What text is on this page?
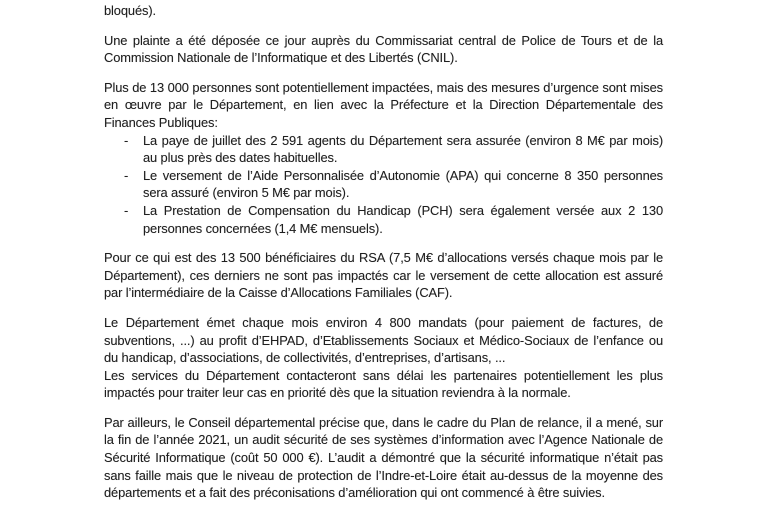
bloqués).

Une plainte a été déposée ce jour auprès du Commissariat central de Police de Tours et de la Commission Nationale de l’Informatique et des Libertés (CNIL).

Plus de 13 000 personnes sont potentiellement impactées, mais des mesures d’urgence sont mises en œuvre par le Département, en lien avec la Préfecture et la Direction Départementale des Finances Publiques:

- La paye de juillet des 2 591 agents du Département sera assurée (environ 8 M€ par mois) au plus près des dates habituelles.
- Le versement de l’Aide Personnalisée d’Autonomie (APA) qui concerne 8 350 personnes sera assuré (environ 5 M€ par mois).
- La Prestation de Compensation du Handicap (PCH) sera également versée aux 2 130 personnes concernées (1,4 M€ mensuels).

Pour ce qui est des 13 500 bénéficiaires du RSA (7,5 M€ d’allocations versés chaque mois par le Département), ces derniers ne sont pas impactés car le versement de cette allocation est assuré par l’intermédiaire de la Caisse d’Allocations Familiales (CAF).

Le Département émet chaque mois environ 4 800 mandats (pour paiement de factures, de subventions, ...) au profit d’EHPAD, d’Etablissements Sociaux et Médico-Sociaux de l’enfance ou du handicap, d’associations, de collectivités, d’entreprises, d’artisans, ...

Les services du Département contacteront sans délai les partenaires potentiellement les plus impactés pour traiter leur cas en priorité dès que la situation reviendra à la normale.

Par ailleurs, le Conseil départemental précise que, dans le cadre du Plan de relance, il a mené, sur la fin de l’année 2021, un audit sécurité de ses systèmes d’information avec l’Agence Nationale de Sécurité Informatique (coût 50 000 €). L’audit a démontré que la sécurité informatique n’était pas sans faille mais que le niveau de protection de l’Indre-et-Loire était au-dessus de la moyenne des départements et a fait des préconisations d’amélioration qui ont commencé à être suivies.
